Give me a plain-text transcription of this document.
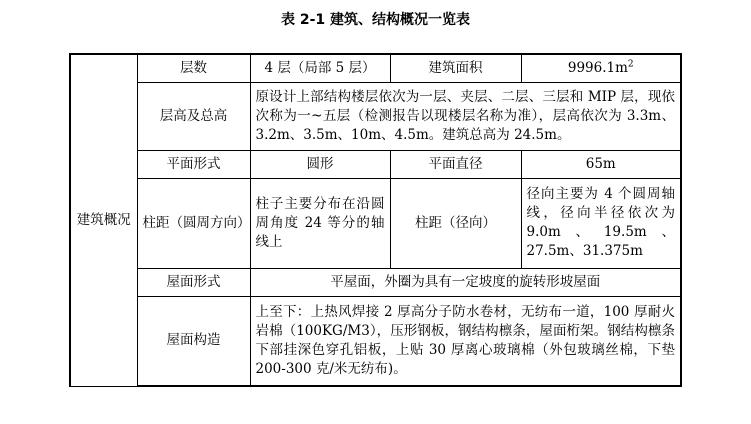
表 2-1 建筑、结构概况一览表
建筑概况	层数	4 层（局部 5 层）	建筑面积	$9996.1m^2$
	层高及总高	原设计上部结构楼层依次为一层、夹层、二层、三层和 MIP 层，现依次称为一~五层（检测报告以现楼层名称为准），层高依次为 3.3m、3.2m、3.5m、10m、4.5m。建筑总高为 24.5m。		
	平面形式	圆形	平面直径	65m
	柱距（圆周方向）	柱子主要分布在沿圆周角度 24 等分的轴线上	柱距（径向）	径向主要为 4 个圆周轴线，径向半径依次为 9.0m、19.5m、27.5m、31.375m
	屋面形式	平屋面，外圈为具有一定坡度的旋转形坡屋面		
	屋面构造	上至下：上热风焊接 2 厚高分子防水卷材，无纺布一道，100 厚耐火岩棉（100KG/M3），压形钢板，钢结构檩条，屋面桁架。钢结构檩条下部挂深色穿孔铝板，上贴 30 厚离心玻璃棉（外包玻璃丝棉，下垫 200-300 克/米无纺布)。		
